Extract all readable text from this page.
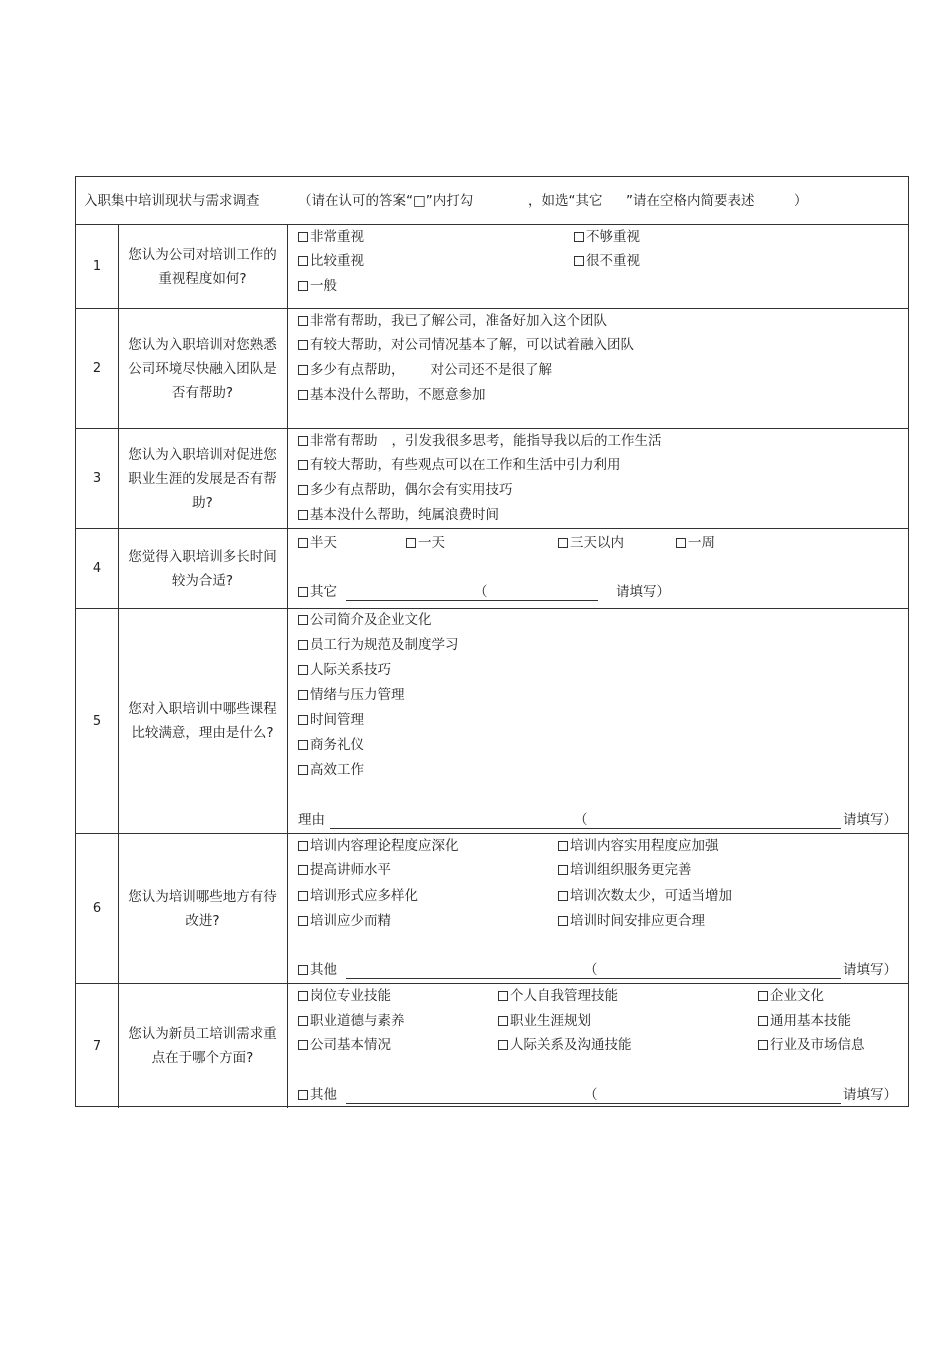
入职集中培训现状与需求调查	（请在认可的答案“□”内打勾	，如选“其它 ”请在空格内简要表述	）
1
您认为公司对培训工作的重视程度如何?
非常重视	不够重视
比较重视	很不重视
一般
2
您认为入职培训对您熟悉公司环境尽快融入团队是否有帮助?
非常有帮助，我已了解公司，准备好加入这个团队
有较大帮助，对公司情况基本了解，可以试着融入团队
多少有点帮助， 对公司还不是很了解
基本没什么帮助，不愿意参加
3
您认为入职培训对促进您职业生涯的发展是否有帮助?
非常有帮助 ，引发我很多思考，能指导我以后的工作生活
有较大帮助，有些观点可以在工作和生活中引力利用
多少有点帮助，偶尔会有实用技巧
基本没什么帮助，纯属浪费时间
4
您觉得入职培训多长时间较为合适?
半天	一天	三天以内	一周
其它	（	请填写）
5
您对入职培训中哪些课程比较满意，理由是什么?
公司简介及企业文化
员工行为规范及制度学习
人际关系技巧
情绪与压力管理
时间管理
商务礼仪
高效工作
理由	（	请填写）
6
您认为培训哪些地方有待改进?
培训内容理论程度应深化	培训内容实用程度应加强
提高讲师水平	培训组织服务更完善
培训形式应多样化	培训次数太少，可适当增加
培训应少而精	培训时间安排应更合理
其他	（	请填写）
7
您认为新员工培训需求重点在于哪个方面?
岗位专业技能	个人自我管理技能	企业文化
职业道德与素养	职业生涯规划	通用基本技能
公司基本情况	人际关系及沟通技能	行业及市场信息
其他	（	请填写）
